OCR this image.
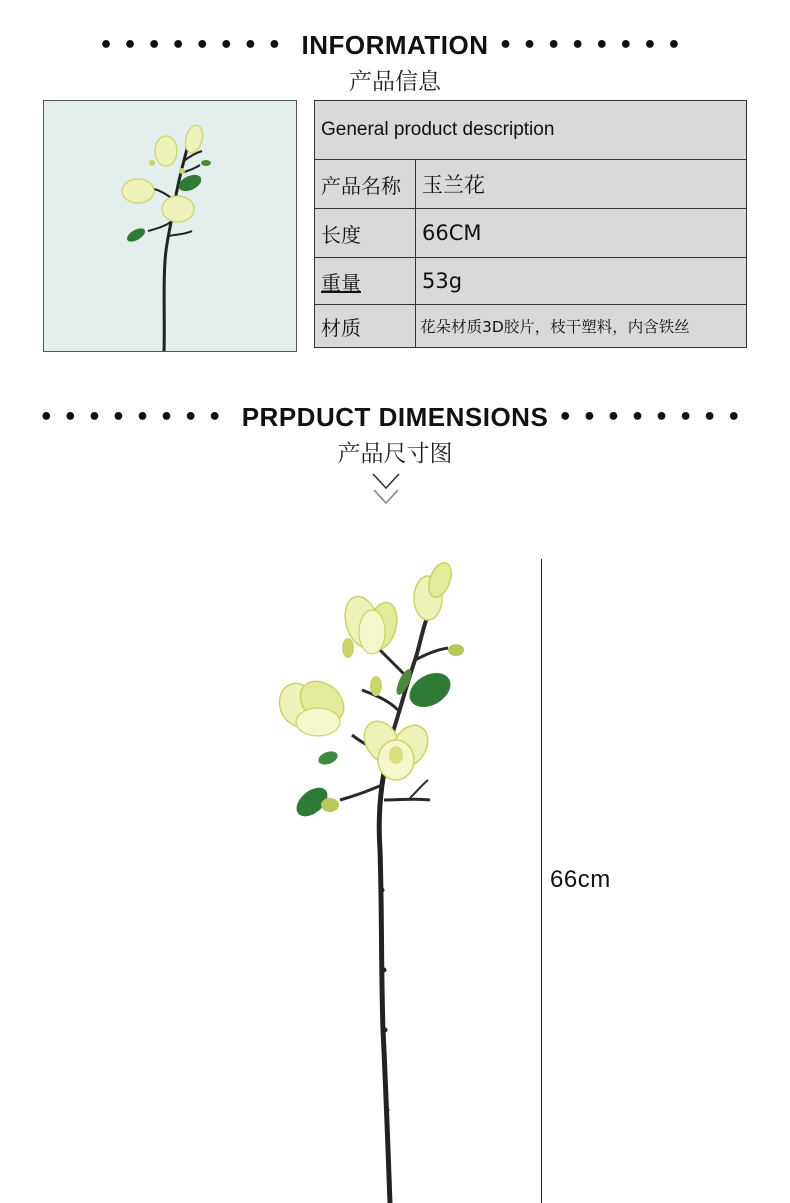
•••••••• INFORMATION ••••••••
产品信息
General product description	
产品名称	玉兰花
长度	66CM
重量	53g
材质	花朵材质3D胶片，枝干塑料，内含铁丝
•••••••• PRPDUCT DIMENSIONS ••••••••
产品尺寸图
66cm
